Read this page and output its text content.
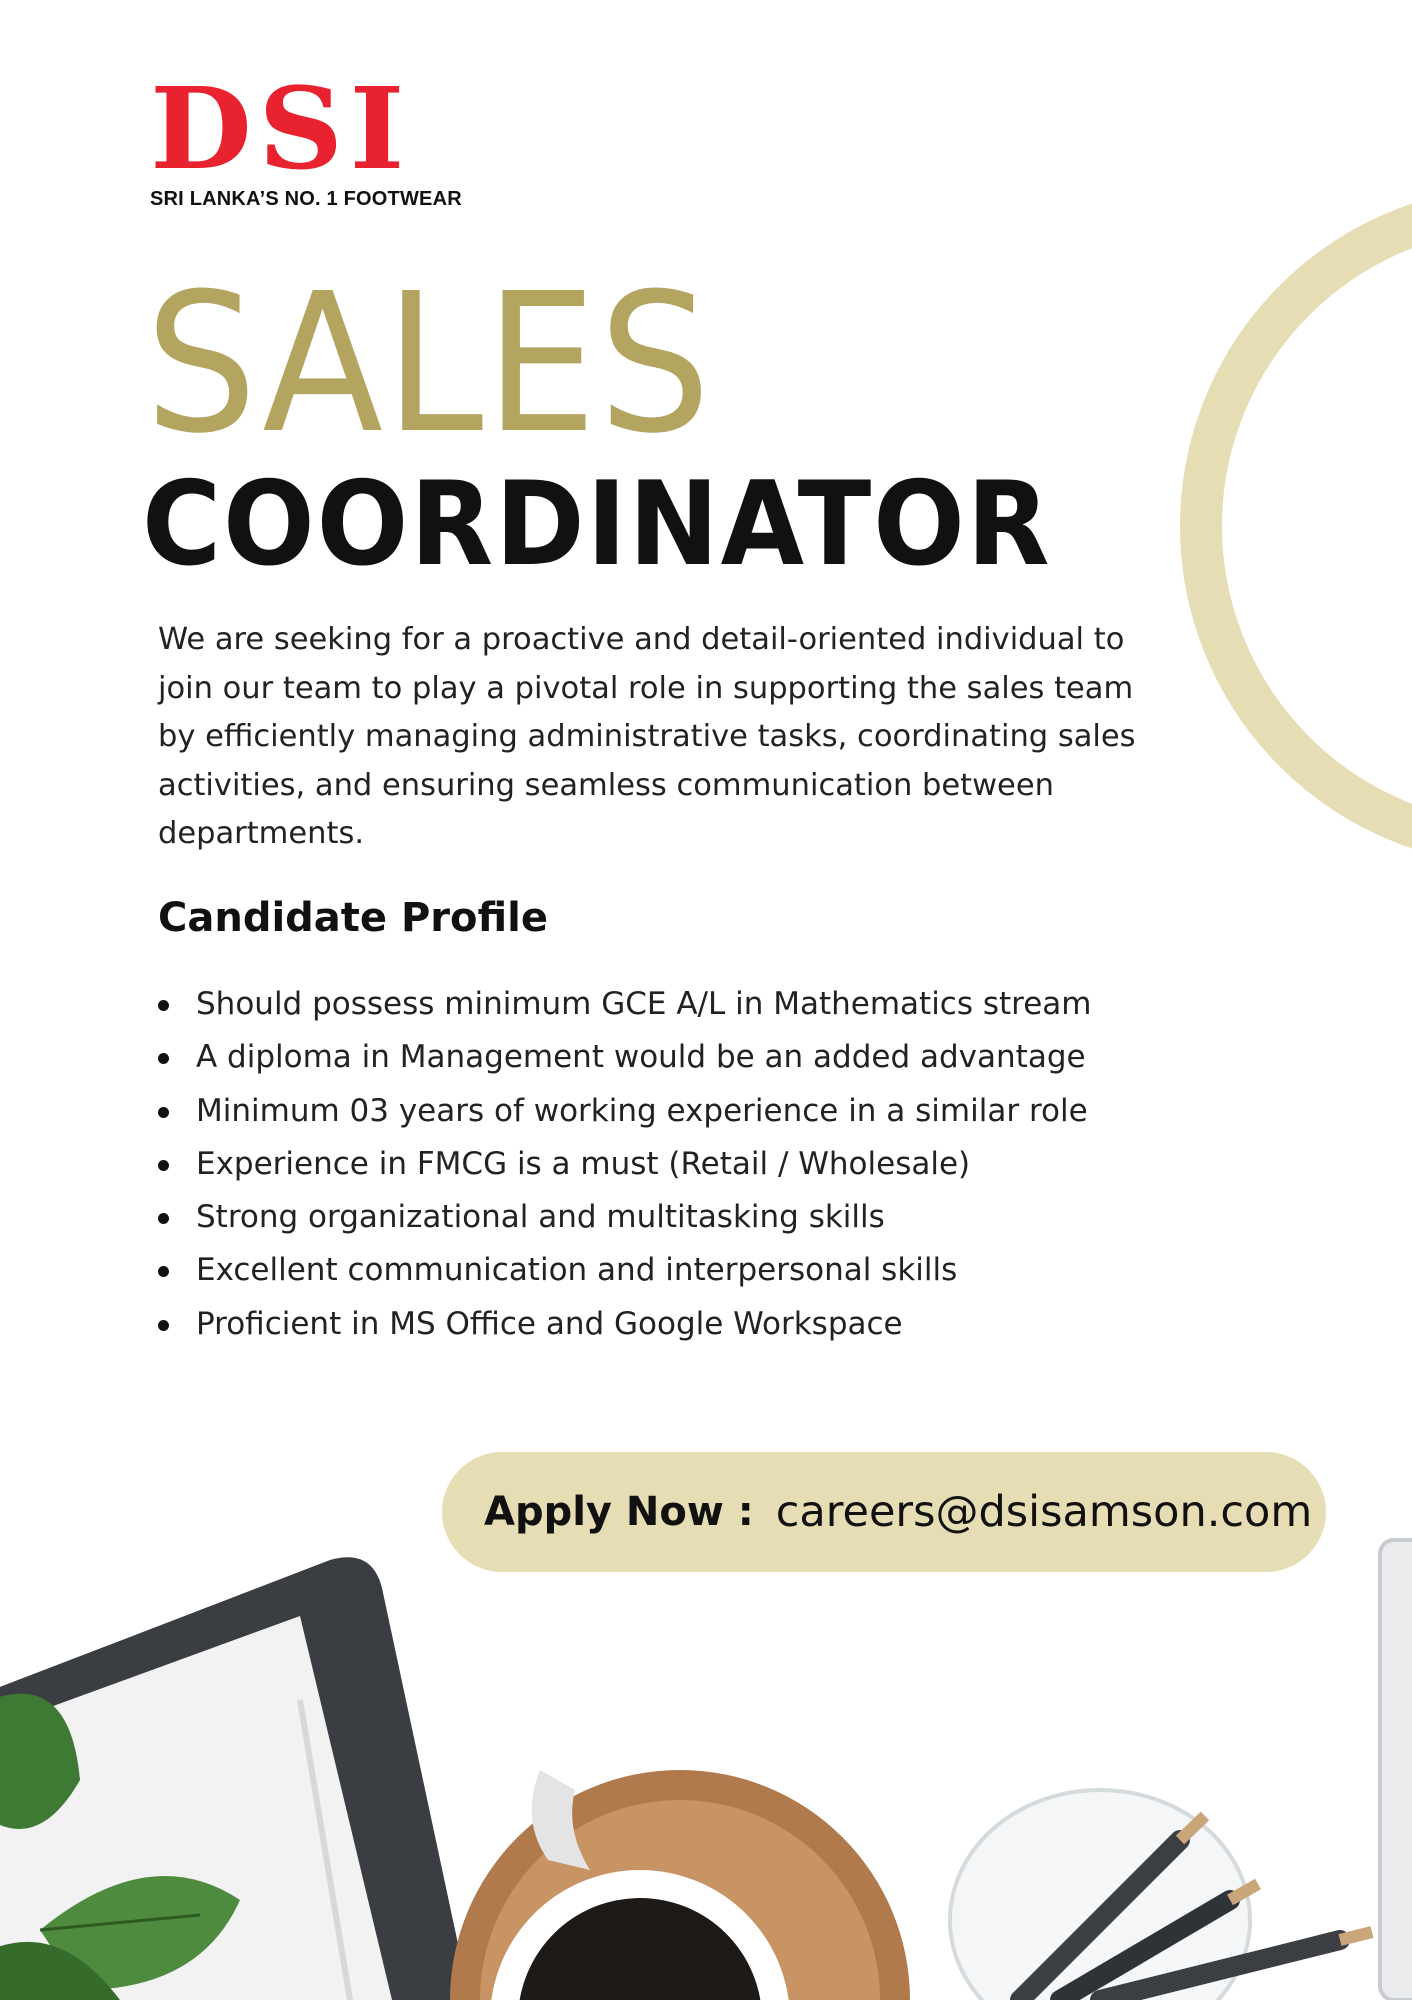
DSI
SRI LANKA’S NO. 1 FOOTWEAR
SALES
COORDINATOR

We are seeking for a proactive and detail-oriented individual to join our team to play a pivotal role in supporting the sales team by efficiently managing administrative tasks, coordinating sales activities, and ensuring seamless communication between departments.

Candidate Profile
Should possess minimum GCE A/L in Mathematics stream
A diploma in Management would be an added advantage
Minimum 03 years of working experience in a similar role
Experience in FMCG is a must (Retail / Wholesale)
Strong organizational and multitasking skills
Excellent communication and interpersonal skills
Proficient in MS Office and Google Workspace
Apply Now : careers@dsisamson.com
